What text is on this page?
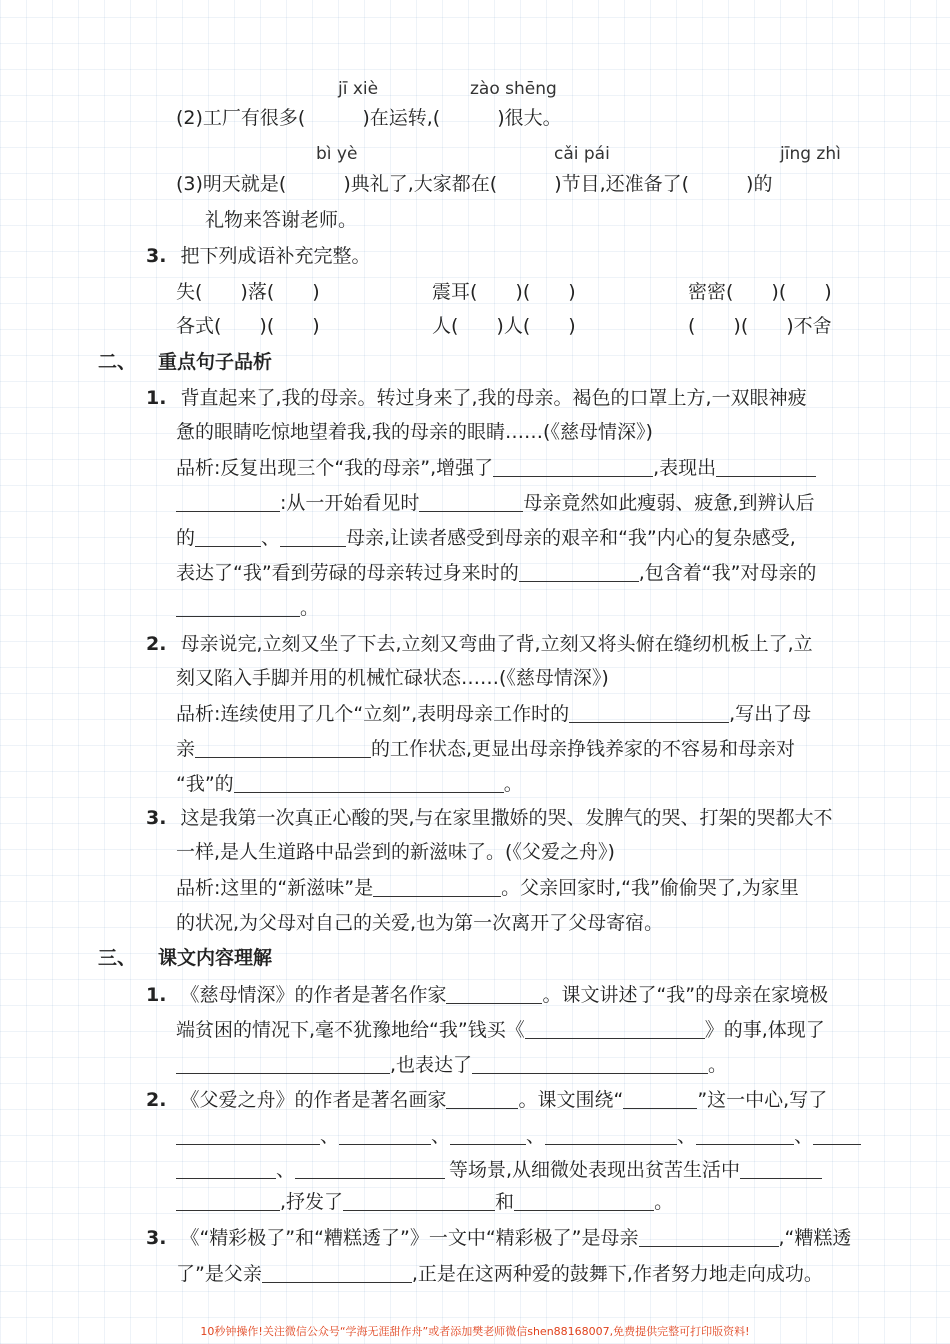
jī xiè	zào shēng
(2)工厂有很多(　　　)在运转,(　　　)很大。
bì yè	cǎi pái	jīng zhì
(3)明天就是(　　　)典礼了,大家都在(　　　)节目,还准备了(　　　)的
礼物来答谢老师。
3. 把下列成语补充完整。
失(　　)落(　　)	震耳(　　)(　　)	密密(　　)(　　)
各式(　　)(　　)	人(　　)人(　　)	(　　)(　　)不舍
二、 重点句子品析
1. 背直起来了,我的母亲。转过身来了,我的母亲。褐色的口罩上方,一双眼神疲
惫的眼睛吃惊地望着我,我的母亲的眼睛……(《慈母情深》)
品析:反复出现三个“我的母亲”,增强了	,表现出
:从一开始看见时	母亲竟然如此瘦弱、疲惫,到辨认后
的	、	母亲,让读者感受到母亲的艰辛和“我”内心的复杂感受,
表达了“我”看到劳碌的母亲转过身来时的	,包含着“我”对母亲的
。
2. 母亲说完,立刻又坐了下去,立刻又弯曲了背,立刻又将头俯在缝纫机板上了,立
刻又陷入手脚并用的机械忙碌状态……(《慈母情深》)
品析:连续使用了几个“立刻”,表明母亲工作时的	,写出了母
亲	的工作状态,更显出母亲挣钱养家的不容易和母亲对
“我”的	。
3. 这是我第一次真正心酸的哭,与在家里撒娇的哭、发脾气的哭、打架的哭都大不
一样,是人生道路中品尝到的新滋味了。(《父爱之舟》)
品析:这里的“新滋味”是	。父亲回家时,“我”偷偷哭了,为家里
的状况,为父母对自己的关爱,也为第一次离开了父母寄宿。
三、 课文内容理解
1. 《慈母情深》的作者是著名作家	。课文讲述了“我”的母亲在家境极
端贫困的情况下,毫不犹豫地给“我”钱买《	》的事,体现了
,也表达了	。
2. 《父爱之舟》的作者是著名画家	。课文围绕“	”这一中心,写了
、	、	、	、	、
、	等场景,从细微处表现出贫苦生活中
,抒发了	和	。
3. 《“精彩极了”和“糟糕透了”》一文中“精彩极了”是母亲	,“糟糕透
了”是父亲	,正是在这两种爱的鼓舞下,作者努力地走向成功。
10秒钟操作!关注微信公众号“学海无涯甜作舟”或者添加樊老师微信shen88168007,免费提供完整可打印版资料!
